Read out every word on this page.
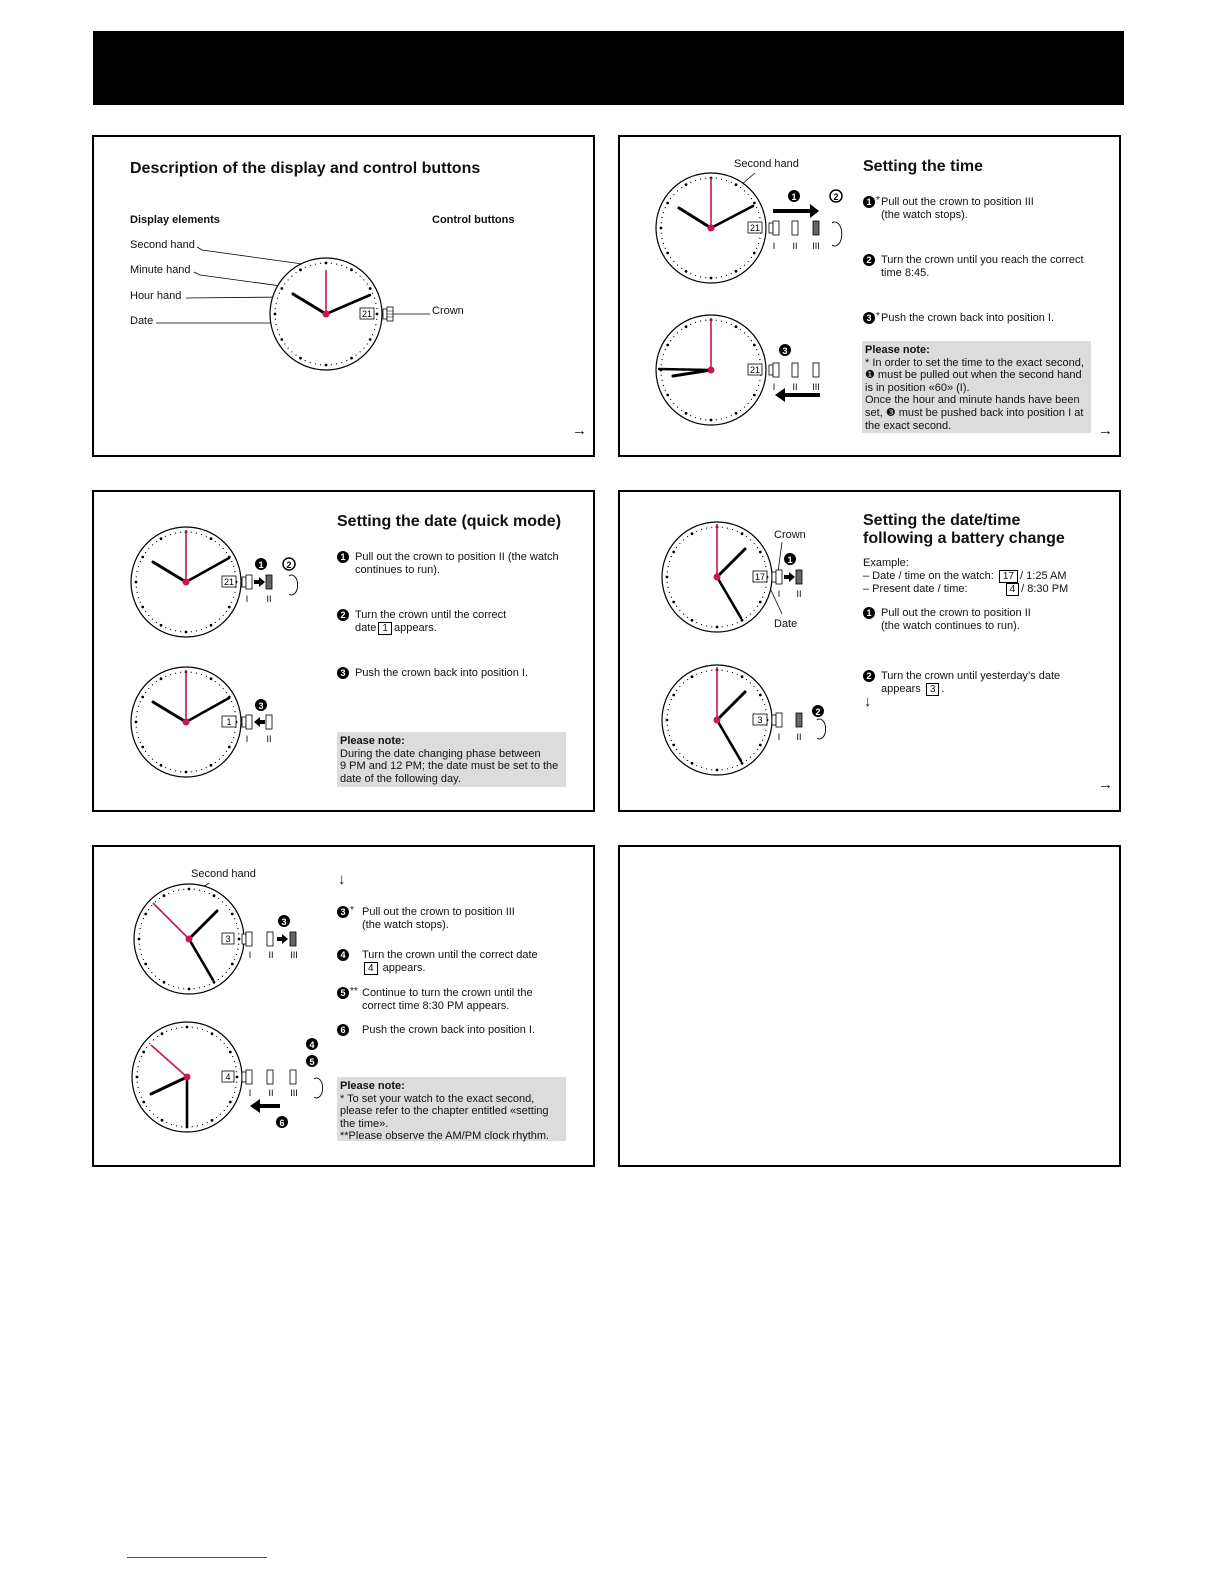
Description of the display and control buttons
Display elements	Control buttons
Second hand
Minute hand
Hour hand
Date
Crown
21
→
Setting the time
Second hand
21
I II III
1	2
21
I II III
3
1 * Pull out the crown to position III
(the watch stops).
2 Turn the crown until you reach the correct
time 8:45.
3 * Push the crown back into position I.
Please note:
* In order to set the time to the exact second,
❶ must be pulled out when the second hand
is in position «60» (I).
Once the hour and minute hands have been
set, ❸ must be pushed back into position I at
the exact second.	→
Setting the date (quick mode)
21
I II
1	2
1
I II
3
1 Pull out the crown to position II (the watch
continues to run).
2 Turn the crown until the correct
date 1 appears.
3 Push the crown back into position I.
Please note:
During the date changing phase between
9 PM and 12 PM; the date must be set to the
date of the following day.
Setting the date/time
following a battery change
Crown
Date
17
I II
1
3
I II
2
Example:
– Date / time on the watch: 17 / 1:25 AM
– Present date / time:	4 / 8:30 PM
1 Pull out the crown to position II
(the watch continues to run).
2 Turn the crown until yesterday’s date
appears 3 .
↓
→
Second hand	↓
3
I II III
3
4
I II III
4
5
6
3 * Pull out the crown to position III
(the watch stops).
4	Turn the crown until the correct date
4 appears.
5 ** Continue to turn the crown until the
correct time 8:30 PM appears.
6	Push the crown back into position I.
Please note:
* To set your watch to the exact second,
please refer to the chapter entitled «setting
the time».
**Please observe the AM/PM clock rhythm.
